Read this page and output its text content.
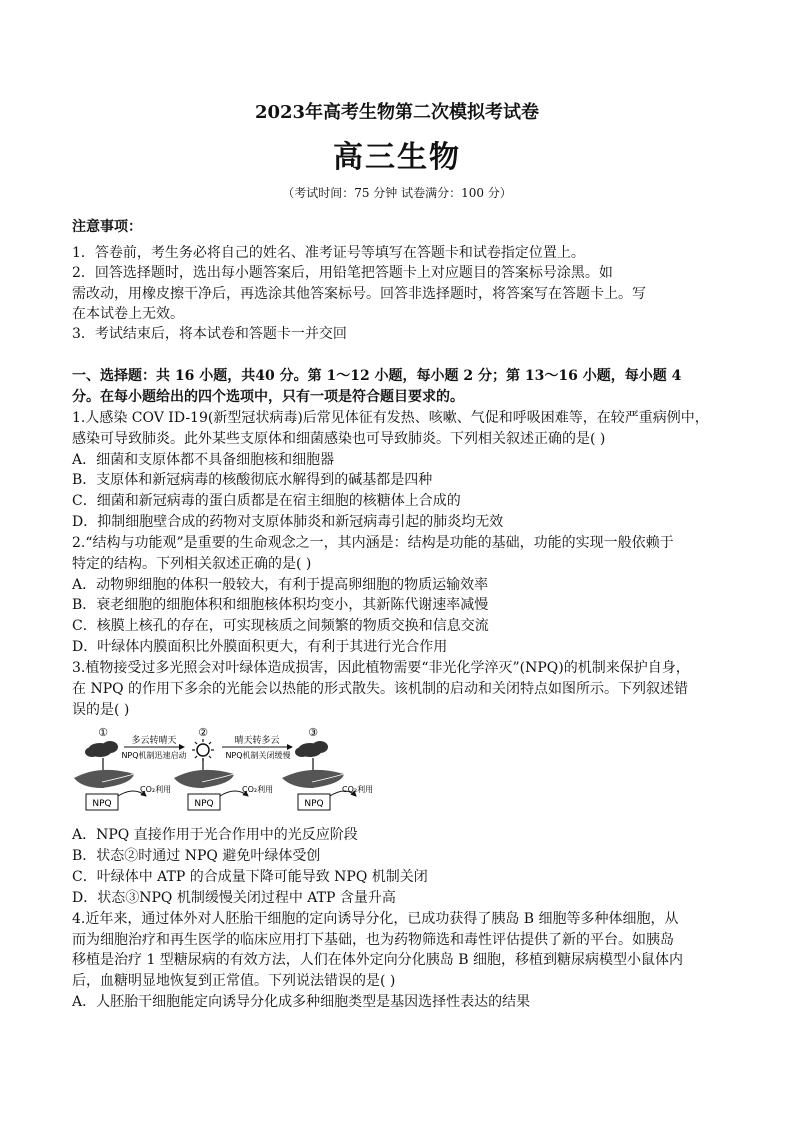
2023年高考生物第二次模拟考试卷
高三生物
（考试时间：75 分钟 试卷满分：100 分）
注意事项：
1．答卷前，考生务必将自己的姓名、准考证号等填写在答题卡和试卷指定位置上。
2．回答选择题时，选出每小题答案后，用铅笔把答题卡上对应题目的答案标号涂黑。如
需改动，用橡皮擦干净后，再选涂其他答案标号。回答非选择题时，将答案写在答题卡上。写
在本试卷上无效。
3．考试结束后，将本试卷和答题卡一并交回
一、选择题：共 16 小题，共40 分。第 1～12 小题，每小题 2 分；第 13～16 小题，每小题 4
分。在每小题给出的四个选项中，只有一项是符合题目要求的。
1.人感染 COV ID-19(新型冠状病毒)后常见体征有发热、咳嗽、气促和呼吸困难等，在较严重病例中，
感染可导致肺炎。此外某些支原体和细菌感染也可导致肺炎。下列相关叙述正确的是( )
A．细菌和支原体都不具备细胞核和细胞器
B．支原体和新冠病毒的核酸彻底水解得到的碱基都是四种
C．细菌和新冠病毒的蛋白质都是在宿主细胞的核糖体上合成的
D．抑制细胞壁合成的药物对支原体肺炎和新冠病毒引起的肺炎均无效
2.“结构与功能观”是重要的生命观念之一，其内涵是：结构是功能的基础，功能的实现一般依赖于
特定的结构。下列相关叙述正确的是( )
A．动物卵细胞的体积一般较大，有利于提高卵细胞的物质运输效率
B．衰老细胞的细胞体积和细胞核体积均变小，其新陈代谢速率减慢
C．核膜上核孔的存在，可实现核质之间频繁的物质交换和信息交流
D．叶绿体内膜面积比外膜面积更大，有利于其进行光合作用
3.植物接受过多光照会对叶绿体造成损害，因此植物需要“非光化学淬灭”(NPQ)的机制来保护自身，
在 NPQ 的作用下多余的光能会以热能的形式散失。该机制的启动和关闭特点如图所示。下列叙述错
误的是( )
①	②	③
多云转晴天
NPQ机制迅速启动
晴天转多云
NPQ机制关闭缓慢
NPQ
CO₂利用
NPQ
CO₂利用
NPQ
CO₂利用
A．NPQ 直接作用于光合作用中的光反应阶段
B．状态②时通过 NPQ 避免叶绿体受创
C．叶绿体中 ATP 的合成量下降可能导致 NPQ 机制关闭
D．状态③NPQ 机制缓慢关闭过程中 ATP 含量升高
4.近年来，通过体外对人胚胎干细胞的定向诱导分化，已成功获得了胰岛 B 细胞等多种体细胞，从
而为细胞治疗和再生医学的临床应用打下基础，也为药物筛选和毒性评估提供了新的平台。如胰岛
移植是治疗 1 型糖尿病的有效方法，人们在体外定向分化胰岛 B 细胞，移植到糖尿病模型小鼠体内
后，血糖明显地恢复到正常值。下列说法错误的是( )
A．人胚胎干细胞能定向诱导分化成多种细胞类型是基因选择性表达的结果
